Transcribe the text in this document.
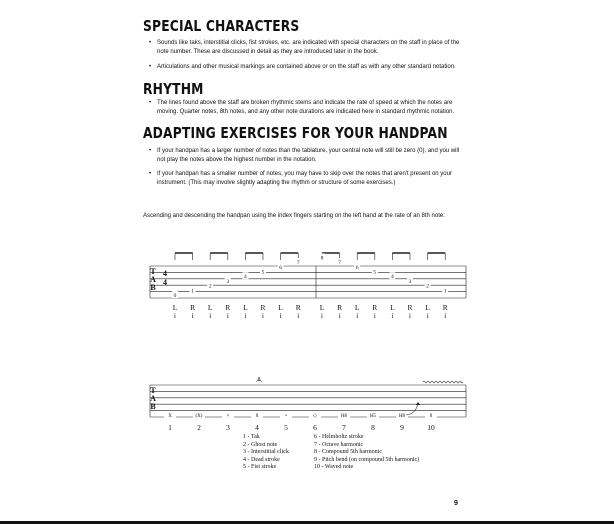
SPECIAL CHARACTERS
• Sounds like taks, interstitial clicks, fist strokes, etc. are indicated with special characters on the staff in place of the note number. These are discussed in detail as they are introduced later in the book.
• Articulations and other musical markings are contained above or on the staff as with any other standard notation.
RHYTHM
• The lines found above the staff are broken rhythmic stems and indicate the rate of speed at which the notes are moving. Quarter notes, 8th notes, and any other note durations are indicated here in standard rhythmic notation.
ADAPTING EXERCISES FOR YOUR HANDPAN
• If your handpan has a larger number of notes than the tablature, your central note will still be zero (0), and you will not play the notes above the highest number in the notation.
• If your handpan has a smaller number of notes, you may have to skip over the notes that aren't present on your instrument. (This may involve slightly adapting the rhythm or structure of some exercises.)
Ascending and descending the handpan using the index fingers starting on the left hand at the rate of an 8th note:
0
L
i
1
R
i
2
L
i
3
R
i
4
L
i
5
R
i
6
L
i
7
R
i
8
L
i
7
R
i
6
L
i
5
R
i
4
L
i
3
R
i
2
L
i
1
R
i
T
A
B
4
4
X
1
(X)
2
×
3
0
4
•
5
◇
6
H8
7
H5
8
H8
9
0
10
T
A
B
8
1 - Tak
2 - Ghost note
3 - Interstitial click
4 - Dead stroke
5 - Fist stroke
6 - Helmholtz stroke
7 - Octave harmonic
8 - Compound 5th harmonic
9 - Pitch bend (on compound 5th harmonic)
10 - Waved note
9
